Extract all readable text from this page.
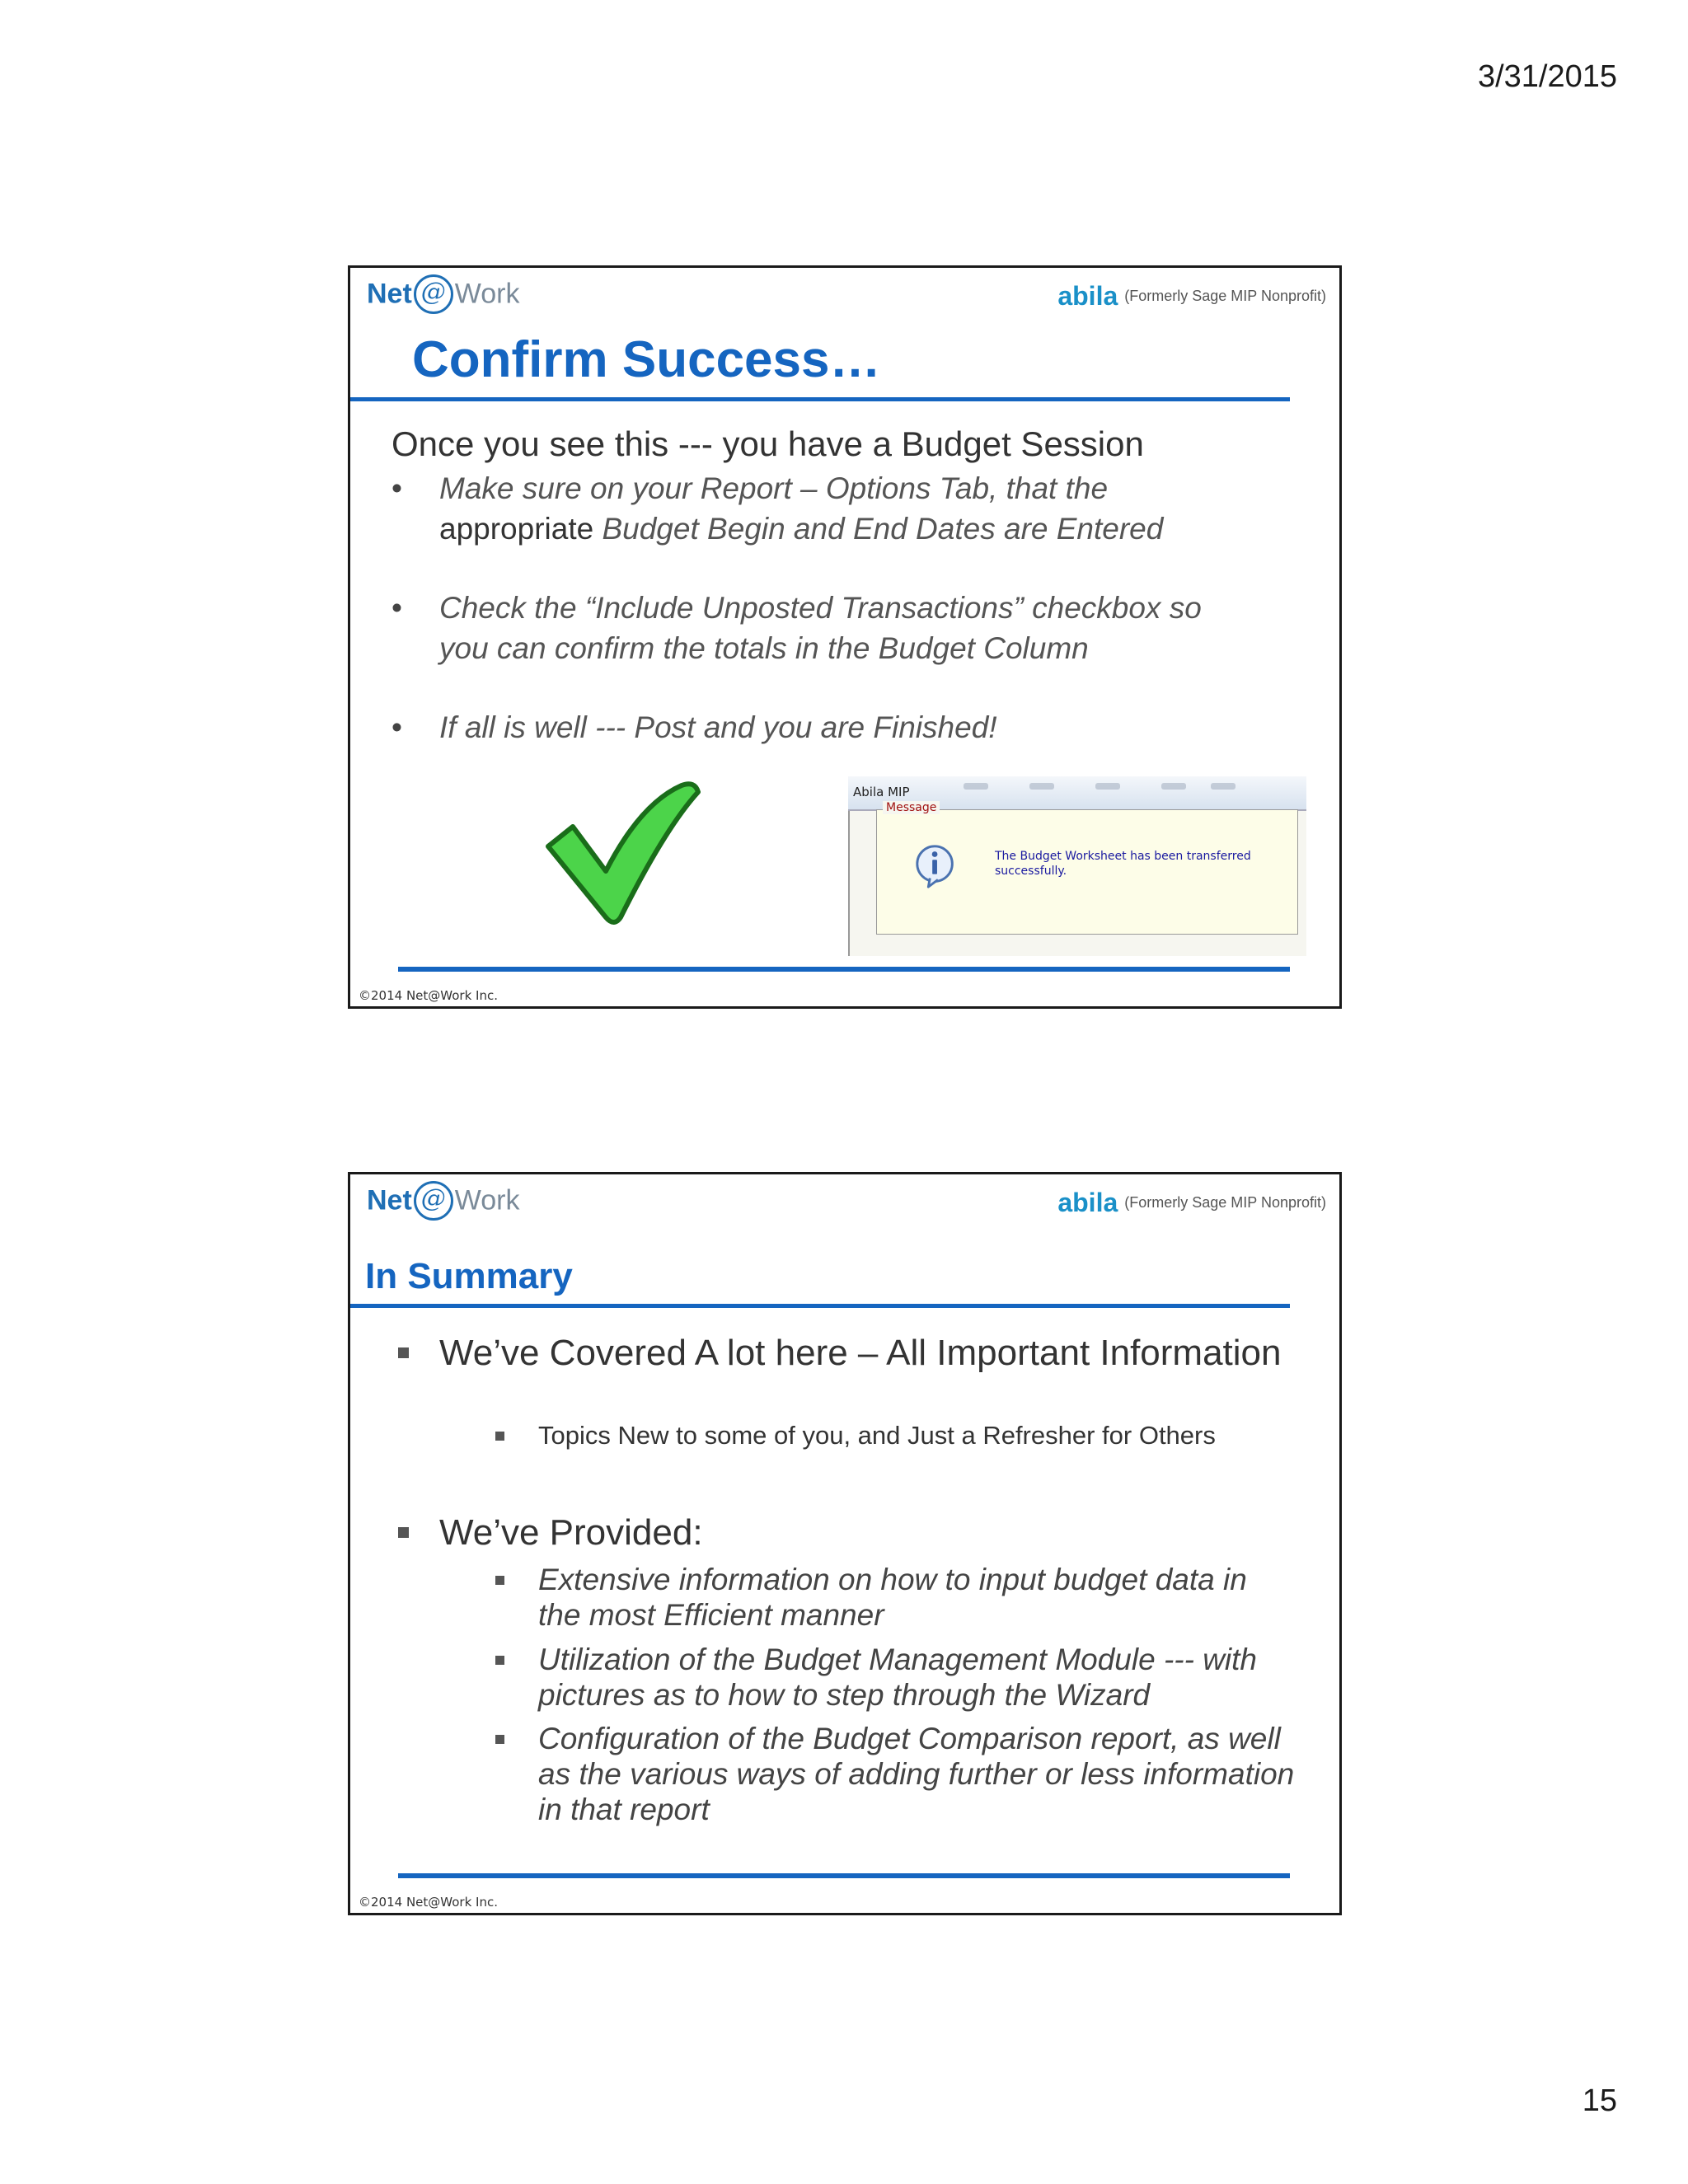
3/31/2015
Net @ Work	abila (Formerly Sage MIP Nonprofit)
Confirm Success…
Once you see this --- you have a Budget Session
• Make sure on your Report – Options Tab, that the appropriate Budget Begin and End Dates are Entered
• Check the “Include Unposted Transactions” checkbox so you can confirm the totals in the Budget Column
• If all is well --- Post and you are Finished!
Abila MIP
Message
The Budget Worksheet has been transferred successfully.
©2014 Net@Work Inc.
Net @ Work	abila (Formerly Sage MIP Nonprofit)
In Summary
We’ve Covered A lot here – All Important Information
Topics New to some of you, and Just a Refresher for Others
We’ve Provided:
Extensive information on how to input budget data in the most Efficient manner
Utilization of the Budget Management Module --- with pictures as to how to step through the Wizard
Configuration of the Budget Comparison report, as well as the various ways of adding further or less information in that report
©2014 Net@Work Inc.
15
